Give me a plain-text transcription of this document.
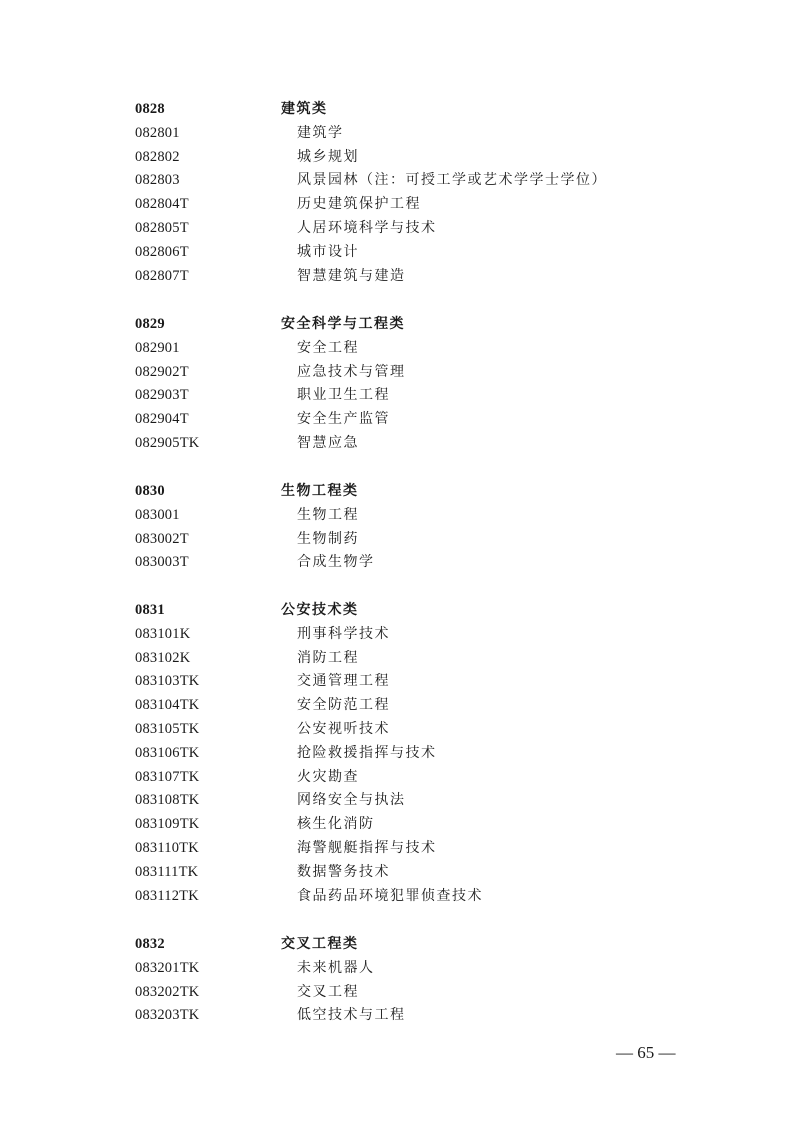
0828	建筑类
082801	建筑学
082802	城乡规划
082803	风景园林（注：可授工学或艺术学学士学位）
082804T	历史建筑保护工程
082805T	人居环境科学与技术
082806T	城市设计
082807T	智慧建筑与建造
0829	安全科学与工程类
082901	安全工程
082902T	应急技术与管理
082903T	职业卫生工程
082904T	安全生产监管
082905TK	智慧应急
0830	生物工程类
083001	生物工程
083002T	生物制药
083003T	合成生物学
0831	公安技术类
083101K	刑事科学技术
083102K	消防工程
083103TK	交通管理工程
083104TK	安全防范工程
083105TK	公安视听技术
083106TK	抢险救援指挥与技术
083107TK	火灾勘查
083108TK	网络安全与执法
083109TK	核生化消防
083110TK	海警舰艇指挥与技术
083111TK	数据警务技术
083112TK	食品药品环境犯罪侦查技术
0832	交叉工程类
083201TK	未来机器人
083202TK	交叉工程
083203TK	低空技术与工程
— 65 —
